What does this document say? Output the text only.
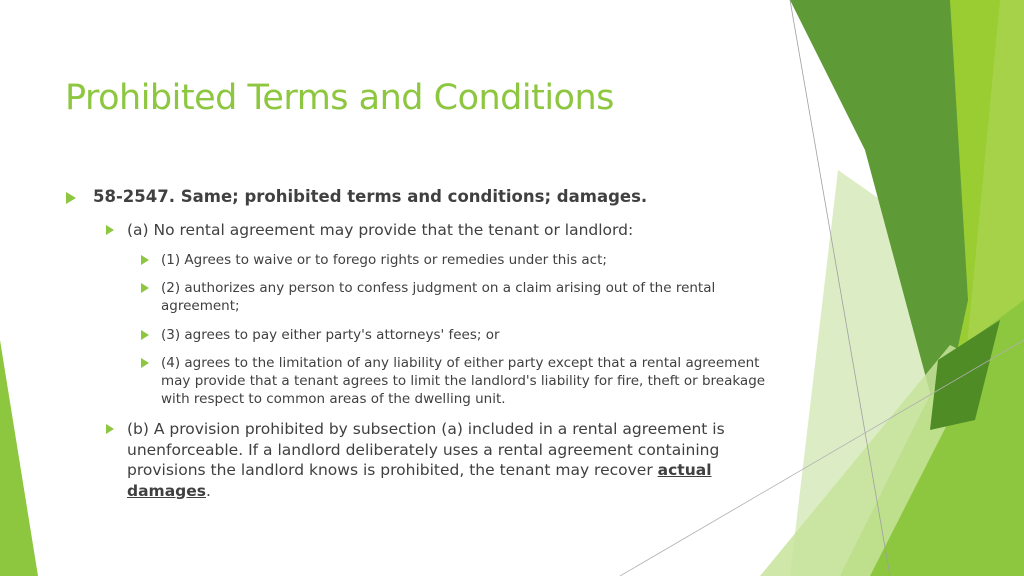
Prohibited Terms and Conditions
58-2547. Same; prohibited terms and conditions; damages.
(a) No rental agreement may provide that the tenant or landlord:
(1) Agrees to waive or to forego rights or remedies under this act;
(2) authorizes any person to confess judgment on a claim arising out of the rental agreement;
(3) agrees to pay either party's attorneys' fees; or
(4) agrees to the limitation of any liability of either party except that a rental agreement may provide that a tenant agrees to limit the landlord's liability for fire, theft or breakage with respect to common areas of the dwelling unit.
(b) A provision prohibited by subsection (a) included in a rental agreement is unenforceable. If a landlord deliberately uses a rental agreement containing provisions the landlord knows is prohibited, the tenant may recover actual damages.
